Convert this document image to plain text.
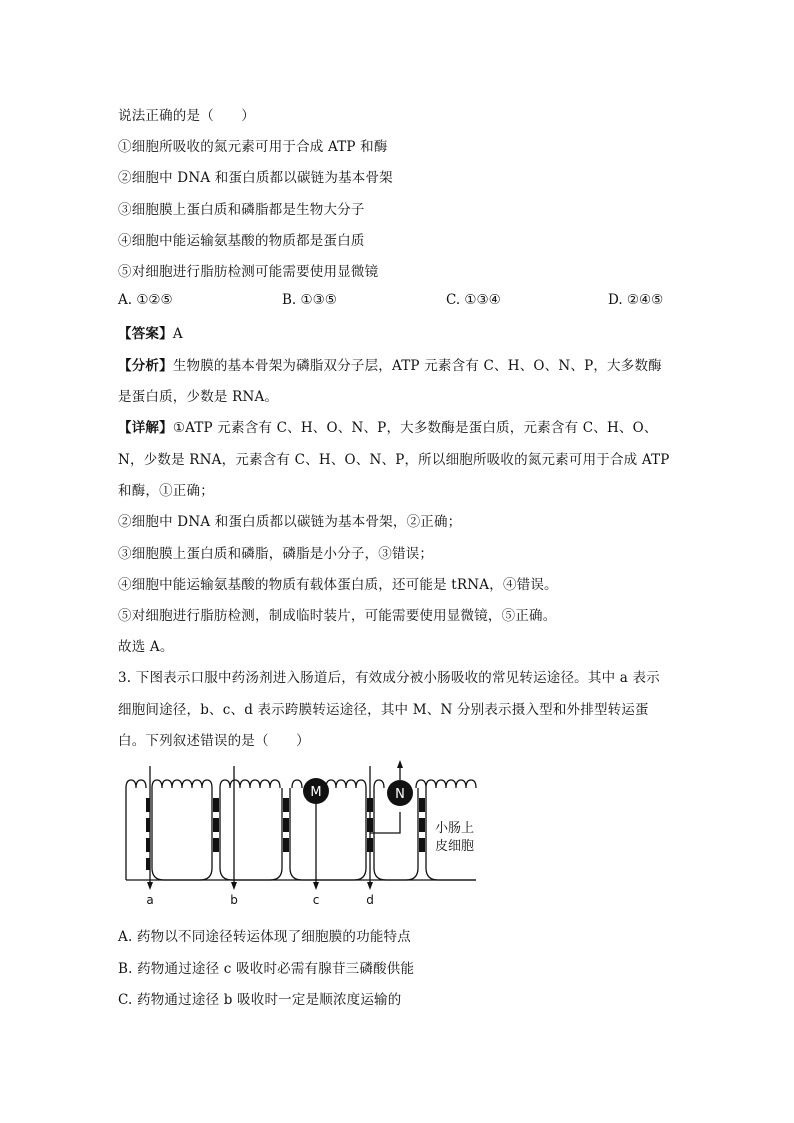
说法正确的是（　　）
①细胞所吸收的氮元素可用于合成 ATP 和酶
②细胞中 DNA 和蛋白质都以碳链为基本骨架
③细胞膜上蛋白质和磷脂都是生物大分子
④细胞中能运输氨基酸的物质都是蛋白质
⑤对细胞进行脂肪检测可能需要使用显微镜
A. ①②⑤	B. ①③⑤	C. ①③④	D. ②④⑤
【答案】A
【分析】生物膜的基本骨架为磷脂双分子层，ATP 元素含有 C、H、O、N、P，大多数酶
是蛋白质，少数是 RNA。
【详解】①ATP 元素含有 C、H、O、N、P，大多数酶是蛋白质，元素含有 C、H、O、
N，少数是 RNA，元素含有 C、H、O、N、P，所以细胞所吸收的氮元素可用于合成 ATP
和酶，①正确；
②细胞中 DNA 和蛋白质都以碳链为基本骨架，②正确；
③细胞膜上蛋白质和磷脂，磷脂是小分子，③错误；
④细胞中能运输氨基酸的物质有载体蛋白质，还可能是 tRNA，④错误。
⑤对细胞进行脂肪检测，制成临时装片，可能需要使用显微镜，⑤正确。
故选 A。
3. 下图表示口服中药汤剂进入肠道后，有效成分被小肠吸收的常见转运途径。其中 a 表示
细胞间途径，b、c、d 表示跨膜转运途径，其中 M、N 分别表示摄入型和外排型转运蛋
白。下列叙述错误的是（　　）
M	N
小肠上
皮细胞
a	b	c	d
A. 药物以不同途径转运体现了细胞膜的功能特点
B. 药物通过途径 c 吸收时必需有腺苷三磷酸供能
C. 药物通过途径 b 吸收时一定是顺浓度运输的
